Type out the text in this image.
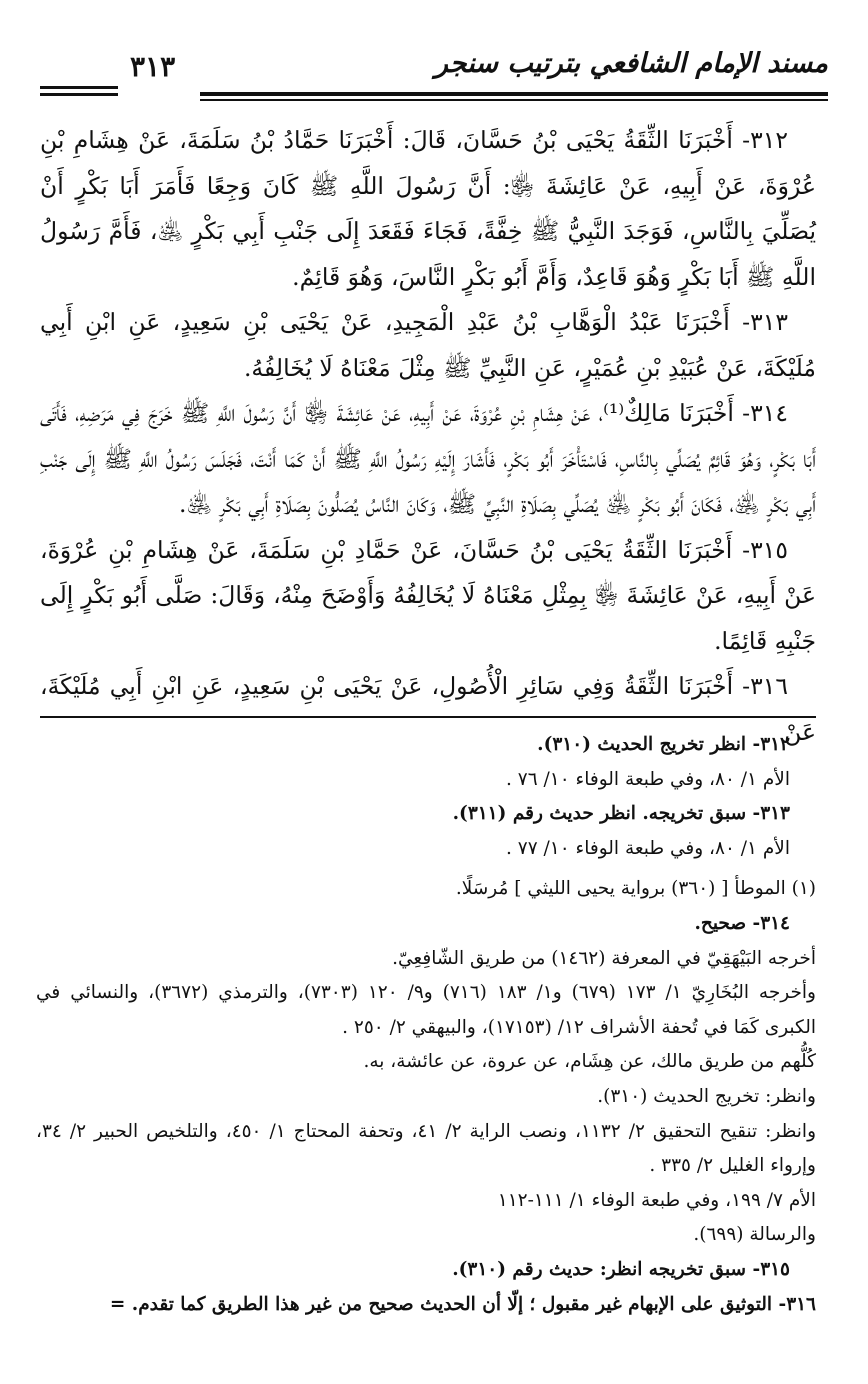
مسند الإمام الشافعي بترتيب سنجر
٣١٣

٣١٢- أَخْبَرَنَا الثِّقَةُ يَحْيَى بْنُ حَسَّانَ، قَالَ: أَخْبَرَنَا حَمَّادُ بْنُ سَلَمَةَ، عَنْ هِشَامِ بْنِ عُرْوَةَ، عَنْ أَبِيهِ، عَنْ عَائِشَةَ ﵂: أَنَّ رَسُولَ اللَّهِ ﷺ كَانَ وَجِعًا فَأَمَرَ أَبَا بَكْرٍ أَنْ يُصَلِّيَ بِالنَّاسِ، فَوَجَدَ النَّبِيُّ ﷺ خِفَّةً، فَجَاءَ فَقَعَدَ إِلَى جَنْبِ أَبِي بَكْرٍ ﵁، فَأَمَّ رَسُولُ اللَّهِ ﷺ أَبَا بَكْرٍ وَهُوَ قَاعِدٌ، وَأَمَّ أَبُو بَكْرٍ النَّاسَ، وَهُوَ قَائِمٌ.

٣١٣- أَخْبَرَنَا عَبْدُ الْوَهَّابِ بْنُ عَبْدِ الْمَجِيدِ، عَنْ يَحْيَى بْنِ سَعِيدٍ، عَنِ ابْنِ أَبِي مُلَيْكَةَ، عَنْ عُبَيْدِ بْنِ عُمَيْرٍ، عَنِ النَّبِيِّ ﷺ مِثْلَ مَعْنَاهُ لَا يُخَالِفُهُ.

٣١٤- أَخْبَرَنَا مَالِكٌ⁽¹⁾، عَنْ هِشَامِ بْنِ عُرْوَةَ، عَنْ أَبِيهِ، عَنْ عَائِشَةَ ﵂ أَنَّ رَسُولَ اللَّهِ ﷺ خَرَجَ فِي مَرَضِهِ، فَأَتَى أَبَا بَكْرٍ، وَهُوَ قَائِمٌ يُصَلِّي بِالنَّاسِ، فَاسْتَأْخَرَ أَبُو بَكْرٍ، فَأَشَارَ إِلَيْهِ رَسُولُ اللَّهِ ﷺ أَنْ كَمَا أَنْتَ، فَجَلَسَ رَسُولُ اللَّهِ ﷺ إِلَى جَنْبِ أَبِي بَكْرٍ ﵁، فَكَانَ أَبُو بَكْرٍ ﵁ يُصَلِّي بِصَلَاةِ النَّبِيِّ ﷺ، وَكَانَ النَّاسُ يُصَلُّونَ بِصَلَاةِ أَبِي بَكْرٍ ﵁.

٣١٥- أَخْبَرَنَا الثِّقَةُ يَحْيَى بْنُ حَسَّانَ، عَنْ حَمَّادِ بْنِ سَلَمَةَ، عَنْ هِشَامِ بْنِ عُرْوَةَ، عَنْ أَبِيهِ، عَنْ عَائِشَةَ ﵂ بِمِثْلِ مَعْنَاهُ لَا يُخَالِفُهُ وَأَوْضَحَ مِنْهُ، وَقَالَ: صَلَّى أَبُو بَكْرٍ إِلَى جَنْبِهِ قَائِمًا.

٣١٦- أَخْبَرَنَا الثِّقَةُ وَفِي سَائِرِ الْأُصُولِ، عَنْ يَحْيَى بْنِ سَعِيدٍ، عَنِ ابْنِ أَبِي مُلَيْكَةَ، عَنْ

٣١٢- انظر تخريج الحديث (٣١٠).

الأم ١/ ٨٠، وفي طبعة الوفاء ١٠/ ٧٦ .

٣١٣- سبق تخريجه. انظر حديث رقم (٣١١).

الأم ١/ ٨٠، وفي طبعة الوفاء ١٠/ ٧٧ .

(١) الموطأ [ (٣٦٠) برواية يحيى الليثي ] مُرسَلًا.

٣١٤- صحيح.

أخرجه البَيْهَقِيّ في المعرفة (١٤٦٢) من طريق الشّافِعِيّ.

وأخرجه البُخَارِيّ ١/ ١٧٣ (٦٧٩) و١/ ١٨٣ (٧١٦) و٩/ ١٢٠ (٧٣٠٣)، والترمذي (٣٦٧٢)، والنسائي في الكبرى كَمَا في تُحفة الأشراف ١٢/ (١٧١٥٣)، والبيهقي ٢/ ٢٥٠ .

كُلُّهم من طريق مالك، عن هِشَام، عن عروة، عن عائشة، به.

وانظر: تخريج الحديث (٣١٠).

وانظر: تنقيح التحقيق ٢/ ١١٣٢، ونصب الراية ٢/ ٤١، وتحفة المحتاج ١/ ٤٥٠، والتلخيص الحبير ٢/ ٣٤، وإرواء الغليل ٢/ ٣٣٥ .

الأم ٧/ ١٩٩، وفي طبعة الوفاء ١/ ١١١-١١٢

والرسالة (٦٩٩).

٣١٥- سبق تخريجه انظر: حديث رقم (٣١٠).

٣١٦- التوثيق على الإبهام غير مقبول ؛ إلّا أن الحديث صحيح من غير هذا الطريق كما تقدم. =
